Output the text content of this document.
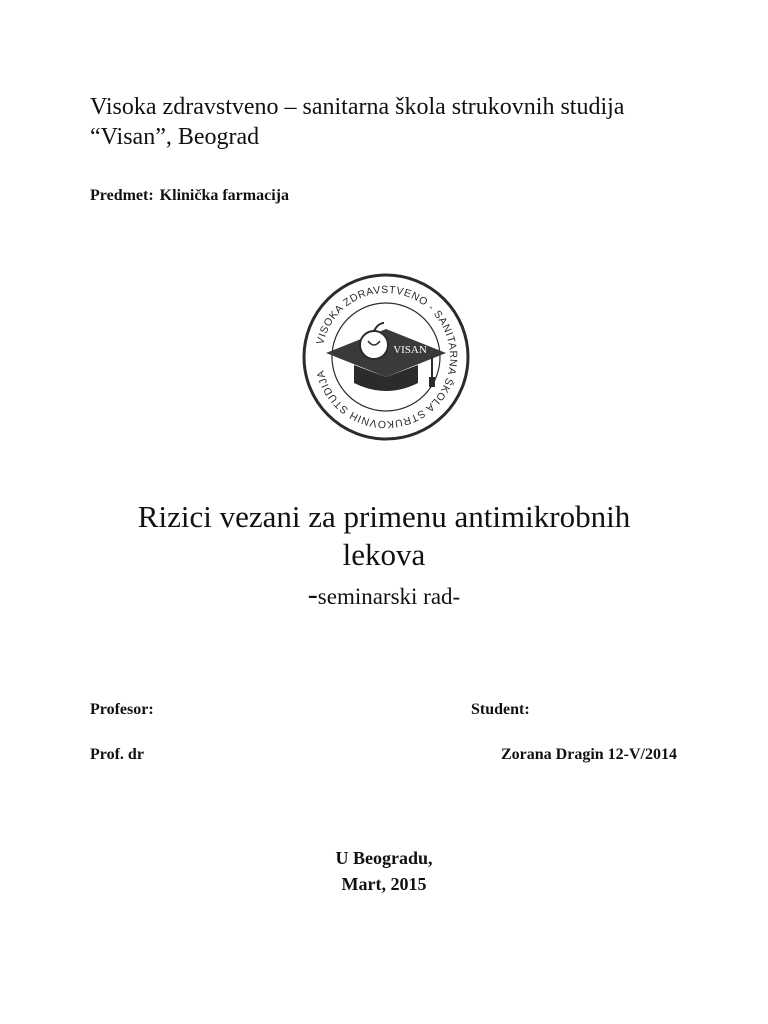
Visoka zdravstveno – sanitarna škola strukovnih studija
“Visan”, Beograd
Predmet: Klinička farmacija
VISOKA ZDRAVSTVENO - SANITARNA ŠKOLA STRUKOVNIH STUDIJA
VISAN
Rizici vezani za primenu antimikrobnih
lekova
-seminarski rad-
Profesor:	Student:
Prof. dr	Zorana Dragin 12-V/2014
U Beogradu,
Mart, 2015
